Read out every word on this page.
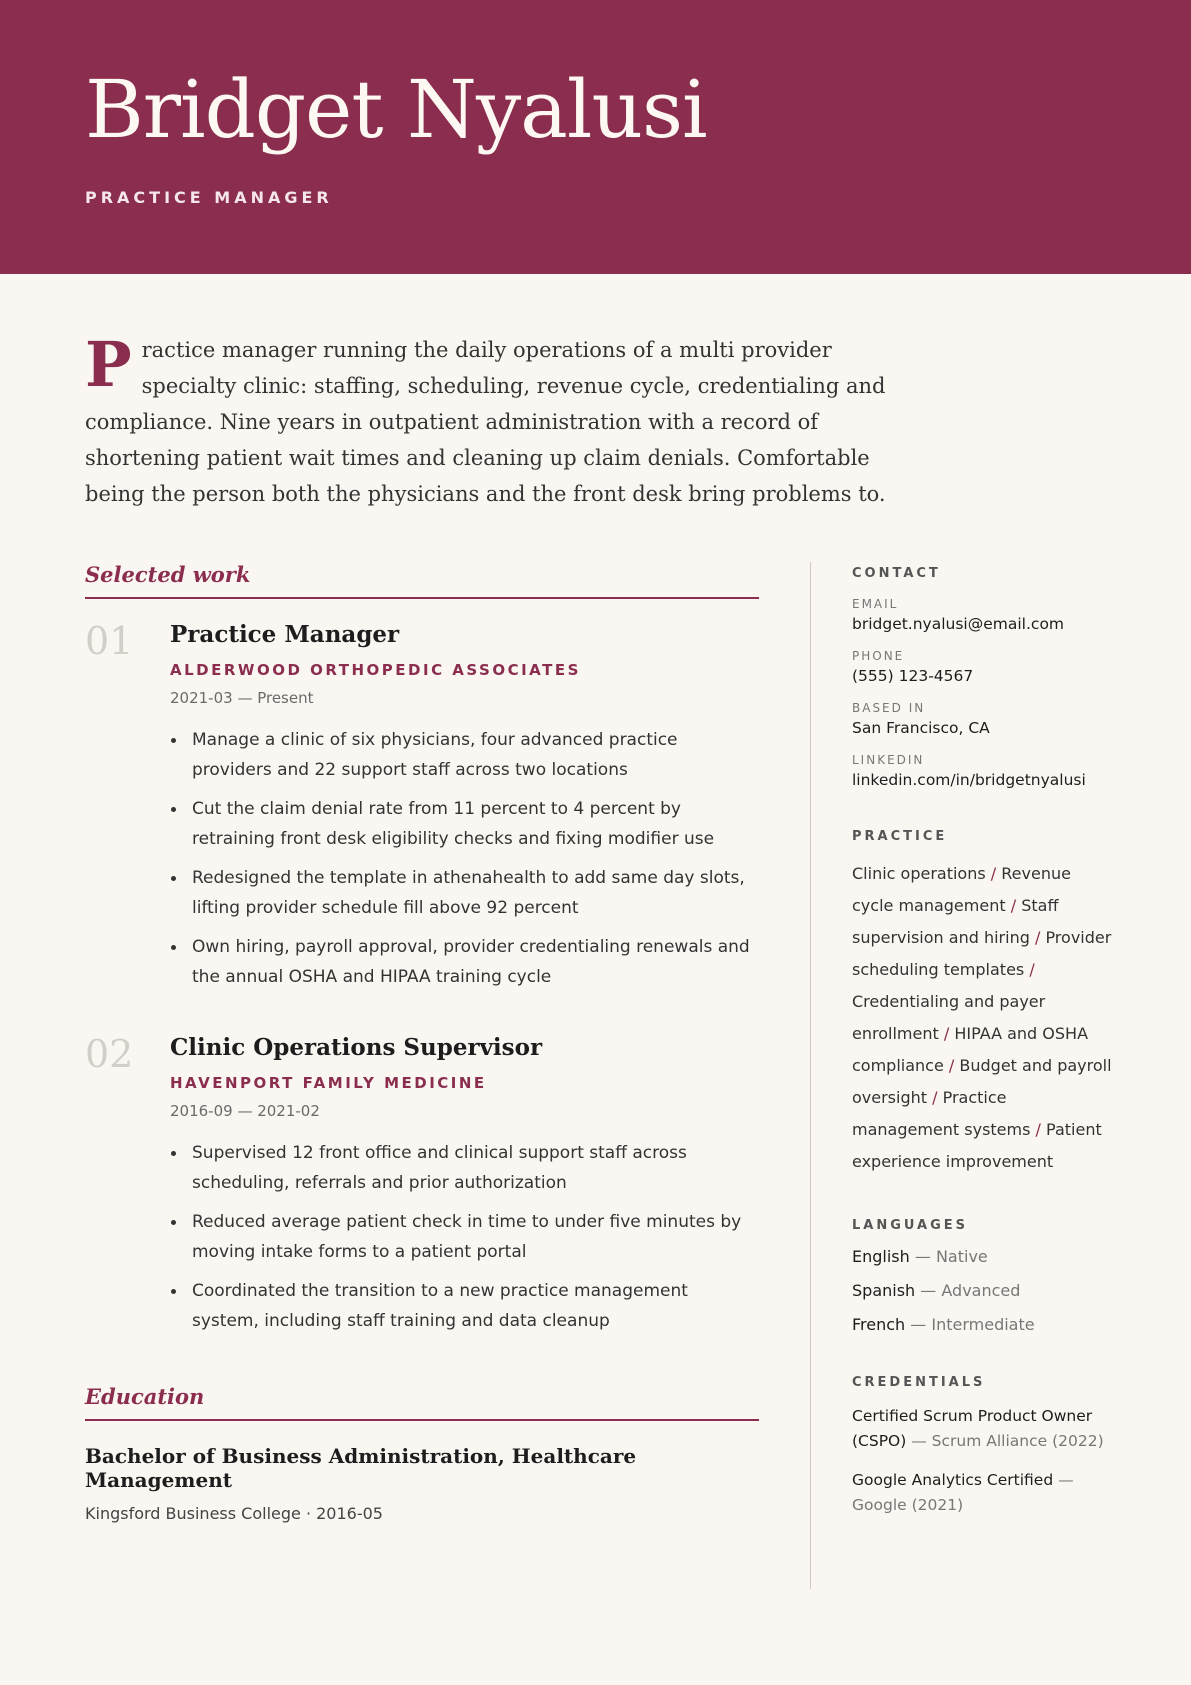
Bridget Nyalusi
PRACTICE MANAGER
Practice manager running the daily operations of a multi provider specialty clinic: staffing, scheduling, revenue cycle, credentialing and compliance. Nine years in outpatient administration with a record of shortening patient wait times and cleaning up claim denials. Comfortable being the person both the physicians and the front desk bring problems to.
Selected work
01 Practice Manager
ALDERWOOD ORTHOPEDIC ASSOCIATES
2021-03 — Present
Manage a clinic of six physicians, four advanced practice providers and 22 support staff across two locations
Cut the claim denial rate from 11 percent to 4 percent by retraining front desk eligibility checks and fixing modifier use
Redesigned the template in athenahealth to add same day slots, lifting provider schedule fill above 92 percent
Own hiring, payroll approval, provider credentialing renewals and the annual OSHA and HIPAA training cycle
02 Clinic Operations Supervisor
HAVENPORT FAMILY MEDICINE
2016-09 — 2021-02
Supervised 12 front office and clinical support staff across scheduling, referrals and prior authorization
Reduced average patient check in time to under five minutes by moving intake forms to a patient portal
Coordinated the transition to a new practice management system, including staff training and data cleanup
Education
Bachelor of Business Administration, Healthcare Management
Kingsford Business College · 2016-05
CONTACT
EMAIL
bridget.nyalusi@email.com
PHONE
(555) 123-4567
BASED IN
San Francisco, CA
LINKEDIN
linkedin.com/in/bridgetnyalusi
PRACTICE
Clinic operations / Revenue cycle management / Staff supervision and hiring / Provider scheduling templates / Credentialing and payer enrollment / HIPAA and OSHA compliance / Budget and payroll oversight / Practice management systems / Patient experience improvement
LANGUAGES
English — Native
Spanish — Advanced
French — Intermediate
CREDENTIALS
Certified Scrum Product Owner (CSPO) — Scrum Alliance (2022)
Google Analytics Certified — Google (2021)
